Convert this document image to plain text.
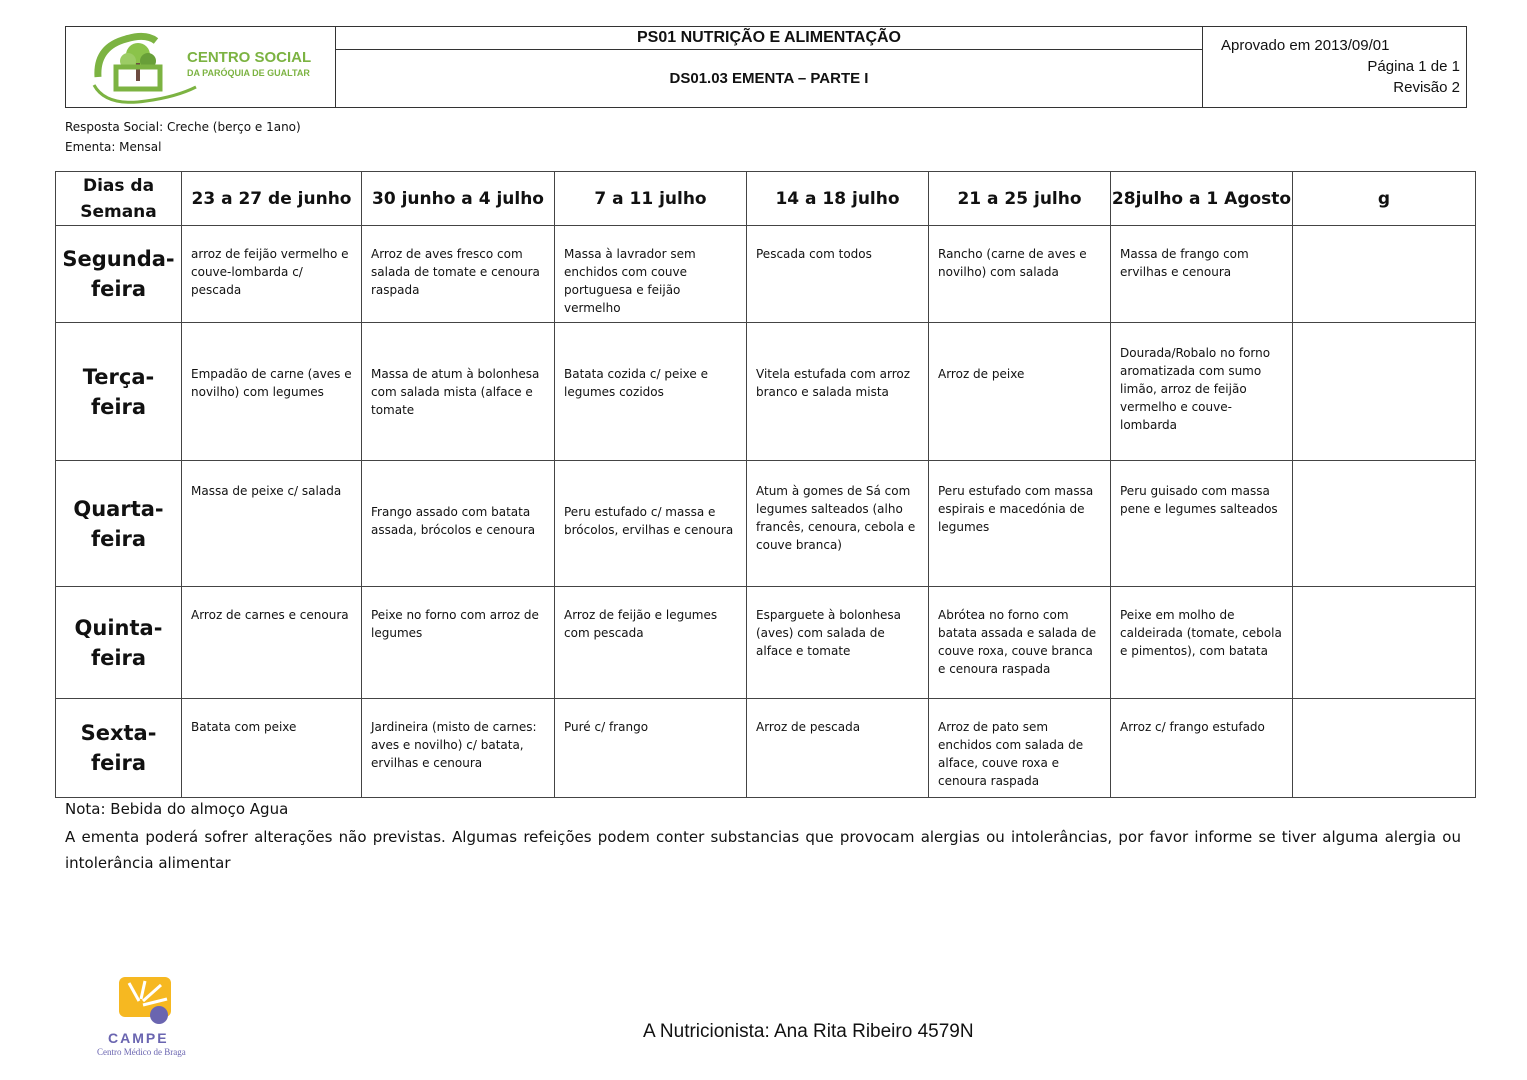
CENTRO SOCIAL
DA PARÓQUIA DE GUALTAR
PS01 NUTRIÇÃO E ALIMENTAÇÃO
DS01.03 EMENTA – PARTE I
Aprovado em 2013/09/01
Página 1 de 1
Revisão 2
Resposta Social: Creche (berço e 1ano)
Ementa: Mensal
Dias da Semana	23 a 27 de junho	30 junho a 4 julho	7 a 11 julho	14 a 18 julho	21 a 25 julho	28julho a 1 Agosto	g
Segunda-feira	arroz de feijão vermelho e couve-lombarda c/ pescada	Arroz de aves fresco com salada de tomate e cenoura raspada	Massa à lavrador sem enchidos com couve portuguesa e feijão vermelho	Pescada com todos	Rancho (carne de aves e novilho) com salada	Massa de frango com ervilhas e cenoura	
Terça-feira	Empadão de carne (aves e novilho) com legumes	Massa de atum à bolonhesa com salada mista (alface e tomate	Batata cozida c/ peixe e legumes cozidos	Vitela estufada com arroz branco e salada mista	Arroz de peixe	Dourada/Robalo no forno aromatizada com sumo limão, arroz de feijão vermelho e couve-lombarda	
Quarta-feira	Massa de peixe c/ salada	Frango assado com batata assada, brócolos e cenoura	Peru estufado c/ massa e brócolos, ervilhas e cenoura	Atum à gomes de Sá com legumes salteados (alho francês, cenoura, cebola e couve branca)	Peru estufado com massa espirais e macedónia de legumes	Peru guisado com massa pene e legumes salteados	
Quinta-feira	Arroz de carnes e cenoura	Peixe no forno com arroz de legumes	Arroz de feijão e legumes com pescada	Esparguete à bolonhesa (aves) com salada de alface e tomate	Abrótea no forno com batata assada e salada de couve roxa, couve branca e cenoura raspada	Peixe em molho de caldeirada (tomate, cebola e pimentos), com batata	
Sexta-feira	Batata com peixe	Jardineira (misto de carnes: aves e novilho) c/ batata, ervilhas e cenoura	Puré c/ frango	Arroz de pescada	Arroz de pato sem enchidos com salada de alface, couve roxa e cenoura raspada	Arroz c/ frango estufado	
Nota: Bebida do almoço Agua
A ementa poderá sofrer alterações não previstas. Algumas refeições podem conter substancias que provocam alergias ou intolerâncias, por favor informe se tiver alguma alergia ou intolerância alimentar
CAMPE
Centro Médico de Braga
A Nutricionista: Ana Rita Ribeiro 4579N
